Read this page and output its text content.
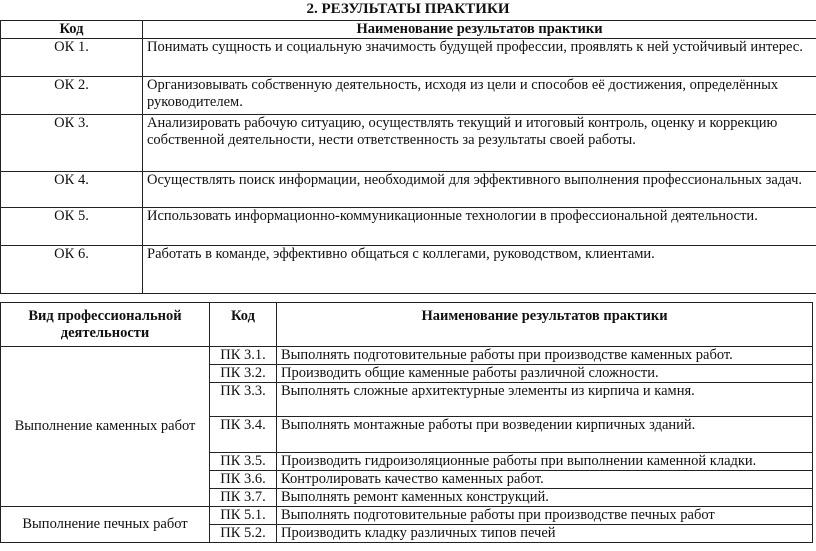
2. РЕЗУЛЬТАТЫ ПРАКТИКИ
Код	Наименование результатов практики
ОК 1.	Понимать сущность и социальную значимость будущей профессии, проявлять к ней устойчивый интерес.

ОК 2.	Организовывать собственную деятельность, исходя из цели и способов её достижения, определённых руководителем.

ОК 3.	Анализировать рабочую ситуацию, осуществлять текущий и итоговый контроль, оценку и коррекцию собственной деятельности, нести ответственность за результаты своей работы.

ОК 4.	Осуществлять поиск информации, необходимой для эффективного выполнения профессиональных задач.

ОК 5.	Использовать информационно-коммуникационные технологии в профессиональной деятельности.

ОК 6.	Работать в команде, эффективно общаться с коллегами, руководством, клиентами.
Вид профессиональной деятельности	Код	Наименование результатов практики
Выполнение каменных работ	ПК 3.1.	Выполнять подготовительные работы при производстве каменных работ.
	ПК 3.2.	Производить общие каменные работы различной сложности.
	ПК 3.3.	Выполнять сложные архитектурные элементы из кирпича и камня.
	ПК 3.4.	Выполнять монтажные работы при возведении кирпичных зданий.
	ПК 3.5.	Производить гидроизоляционные работы при выполнении каменной кладки.
	ПК 3.6.	Контролировать качество каменных работ.
	ПК 3.7.	Выполнять ремонт каменных конструкций.
Выполнение печных работ	ПК 5.1.	Выполнять подготовительные работы при производстве печных работ
	ПК 5.2.	Производить кладку различных типов печей
